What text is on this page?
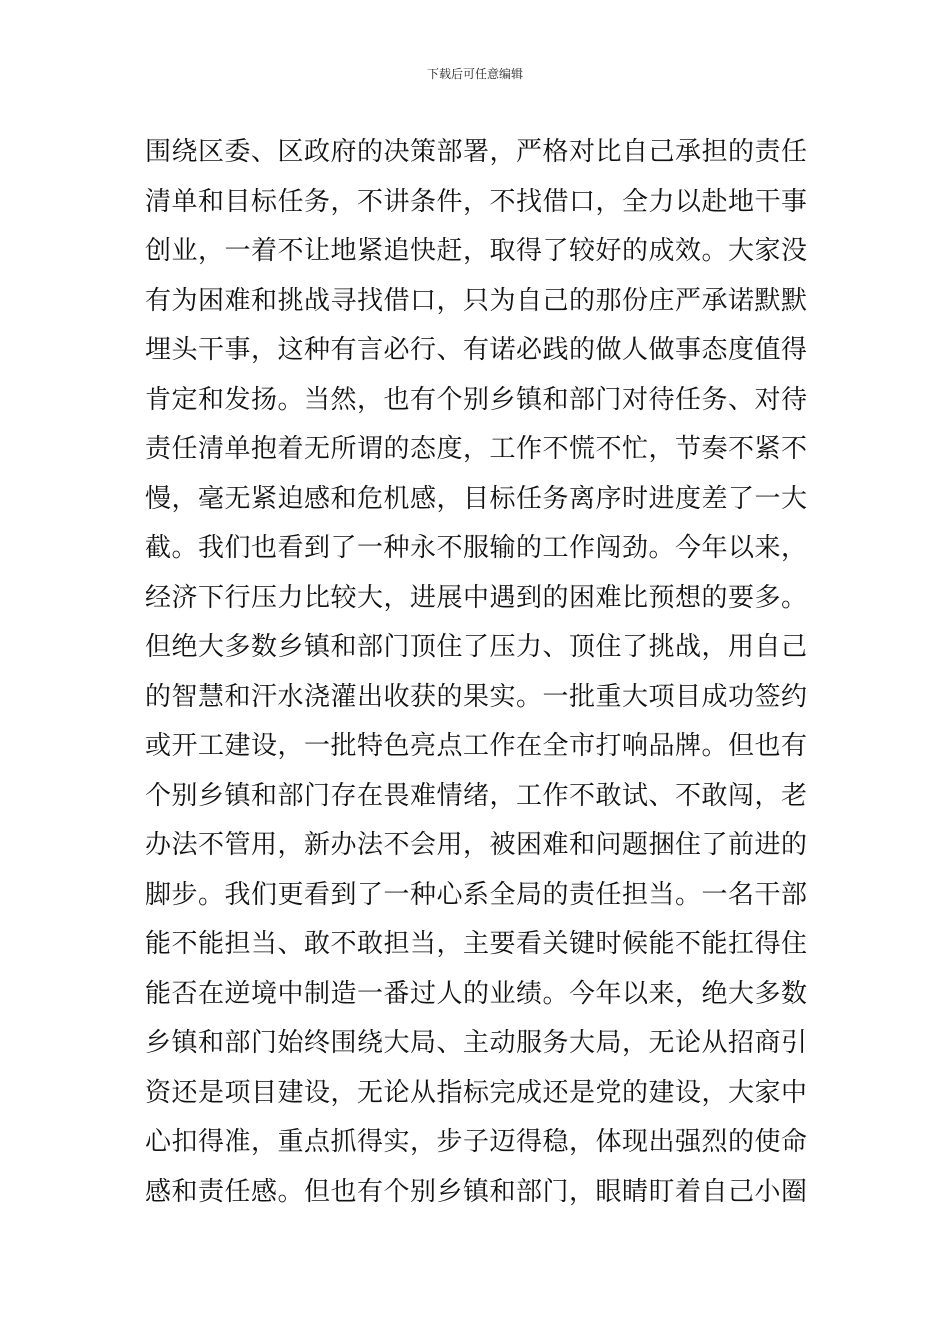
下载后可任意编辑
围绕区委、区政府的决策部署，严格对比自己承担的责任
清单和目标任务，不讲条件，不找借口，全力以赴地干事
创业，一着不让地紧追快赶，取得了较好的成效。大家没
有为困难和挑战寻找借口，只为自己的那份庄严承诺默默
埋头干事，这种有言必行、有诺必践的做人做事态度值得
肯定和发扬。当然，也有个别乡镇和部门对待任务、对待
责任清单抱着无所谓的态度，工作不慌不忙，节奏不紧不
慢，毫无紧迫感和危机感，目标任务离序时进度差了一大
截。我们也看到了一种永不服输的工作闯劲。今年以来，
经济下行压力比较大，进展中遇到的困难比预想的要多。
但绝大多数乡镇和部门顶住了压力、顶住了挑战，用自己
的智慧和汗水浇灌出收获的果实。一批重大项目成功签约
或开工建设，一批特色亮点工作在全市打响品牌。但也有
个别乡镇和部门存在畏难情绪，工作不敢试、不敢闯，老
办法不管用，新办法不会用，被困难和问题捆住了前进的
脚步。我们更看到了一种心系全局的责任担当。一名干部
能不能担当、敢不敢担当，主要看关键时候能不能扛得住
能否在逆境中制造一番过人的业绩。今年以来，绝大多数
乡镇和部门始终围绕大局、主动服务大局，无论从招商引
资还是项目建设，无论从指标完成还是党的建设，大家中
心扣得准，重点抓得实，步子迈得稳，体现出强烈的使命
感和责任感。但也有个别乡镇和部门，眼睛盯着自己小圈
